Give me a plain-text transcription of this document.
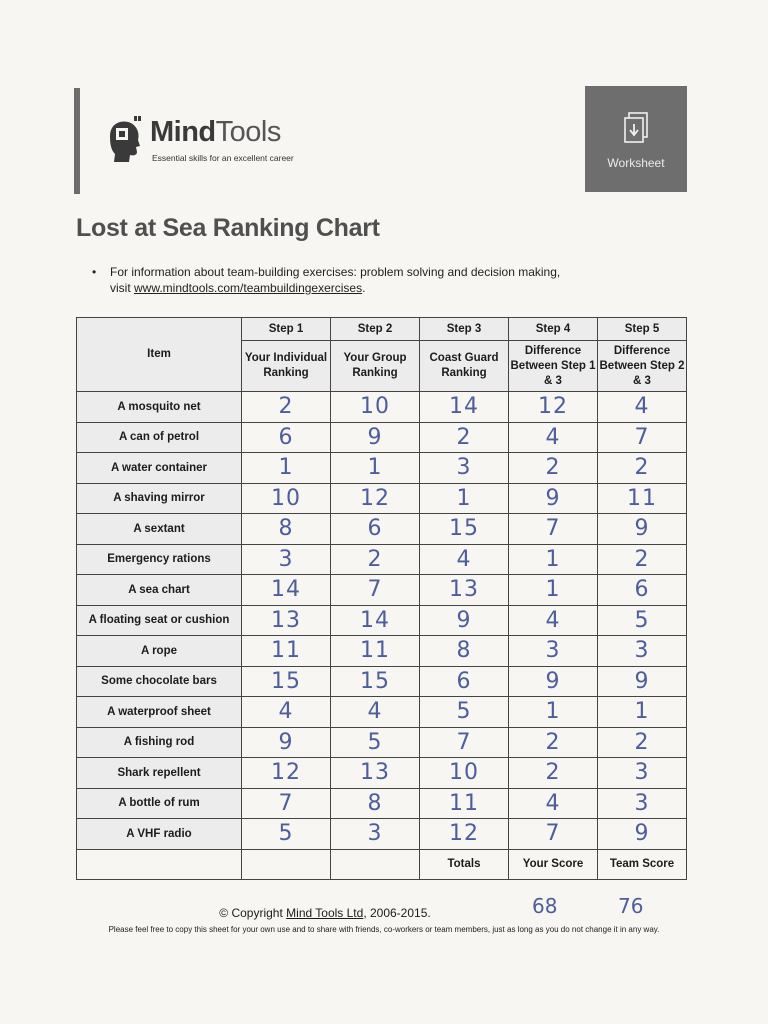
MindTools
Essential skills for an excellent career	Worksheet
Lost at Sea Ranking Chart
• For information about team-building exercises: problem solving and decision making,
visit www.mindtools.com/teambuildingexercises.
Item	Step 1	Step 2	Step 3	Step 4	Step 5
	Your Individual Ranking	Your Group Ranking	Coast Guard Ranking	Difference Between Step 1 & 3	Difference Between Step 2 & 3
A mosquito net	2	10	14	12	4
A can of petrol	6	9	2	4	7
A water container	1	1	3	2	2
A shaving mirror	10	12	1	9	11
A sextant	8	6	15	7	9
Emergency rations	3	2	4	1	2
A sea chart	14	7	13	1	6
A floating seat or cushion	13	14	9	4	5
A rope	11	11	8	3	3
Some chocolate bars	15	15	6	9	9
A waterproof sheet	4	4	5	1	1
A fishing rod	9	5	7	2	2
Shark repellent	12	13	10	2	3
A bottle of rum	7	8	11	4	3
A VHF radio	5	3	12	7	9
			Totals	Your Score	Team Score
© Copyright Mind Tools Ltd, 2006-2015.	68	76
Please feel free to copy this sheet for your own use and to share with friends, co-workers or team members, just as long as you do not change it in any way.
